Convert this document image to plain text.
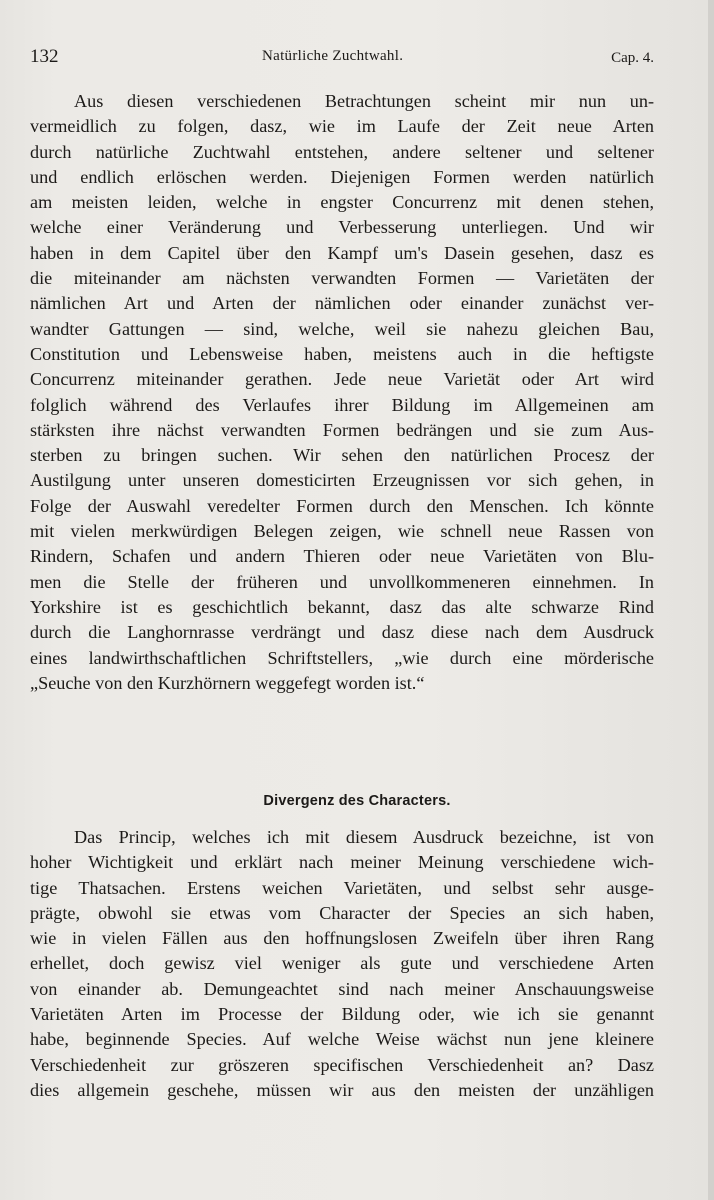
132	Natürliche Zuchtwahl.	Cap. 4.
Aus diesen verschiedenen Betrachtungen scheint mir nun un-
vermeidlich zu folgen, dasz, wie im Laufe der Zeit neue Arten
durch natürliche Zuchtwahl entstehen, andere seltener und seltener
und endlich erlöschen werden. Diejenigen Formen werden natürlich
am meisten leiden, welche in engster Concurrenz mit denen stehen,
welche einer Veränderung und Verbesserung unterliegen. Und wir
haben in dem Capitel über den Kampf um's Dasein gesehen, dasz es
die miteinander am nächsten verwandten Formen — Varietäten der
nämlichen Art und Arten der nämlichen oder einander zunächst ver-
wandter Gattungen — sind, welche, weil sie nahezu gleichen Bau,
Constitution und Lebensweise haben, meistens auch in die heftigste
Concurrenz miteinander gerathen. Jede neue Varietät oder Art wird
folglich während des Verlaufes ihrer Bildung im Allgemeinen am
stärksten ihre nächst verwandten Formen bedrängen und sie zum Aus-
sterben zu bringen suchen. Wir sehen den natürlichen Procesz der
Austilgung unter unseren domesticirten Erzeugnissen vor sich gehen, in
Folge der Auswahl veredelter Formen durch den Menschen. Ich könnte
mit vielen merkwürdigen Belegen zeigen, wie schnell neue Rassen von
Rindern, Schafen und andern Thieren oder neue Varietäten von Blu-
men die Stelle der früheren und unvollkommeneren einnehmen. In
Yorkshire ist es geschichtlich bekannt, dasz das alte schwarze Rind
durch die Langhornrasse verdrängt und dasz diese nach dem Ausdruck
eines landwirthschaftlichen Schriftstellers, „wie durch eine mörderische
„Seuche von den Kurzhörnern weggefegt worden ist.“
Divergenz des Characters.
Das Princip, welches ich mit diesem Ausdruck bezeichne, ist von
hoher Wichtigkeit und erklärt nach meiner Meinung verschiedene wich-
tige Thatsachen. Erstens weichen Varietäten, und selbst sehr ausge-
prägte, obwohl sie etwas vom Character der Species an sich haben,
wie in vielen Fällen aus den hoffnungslosen Zweifeln über ihren Rang
erhellet, doch gewisz viel weniger als gute und verschiedene Arten
von einander ab. Demungeachtet sind nach meiner Anschauungsweise
Varietäten Arten im Processe der Bildung oder, wie ich sie genannt
habe, beginnende Species. Auf welche Weise wächst nun jene kleinere
Verschiedenheit zur gröszeren specifischen Verschiedenheit an? Dasz
dies allgemein geschehe, müssen wir aus den meisten der unzähligen
